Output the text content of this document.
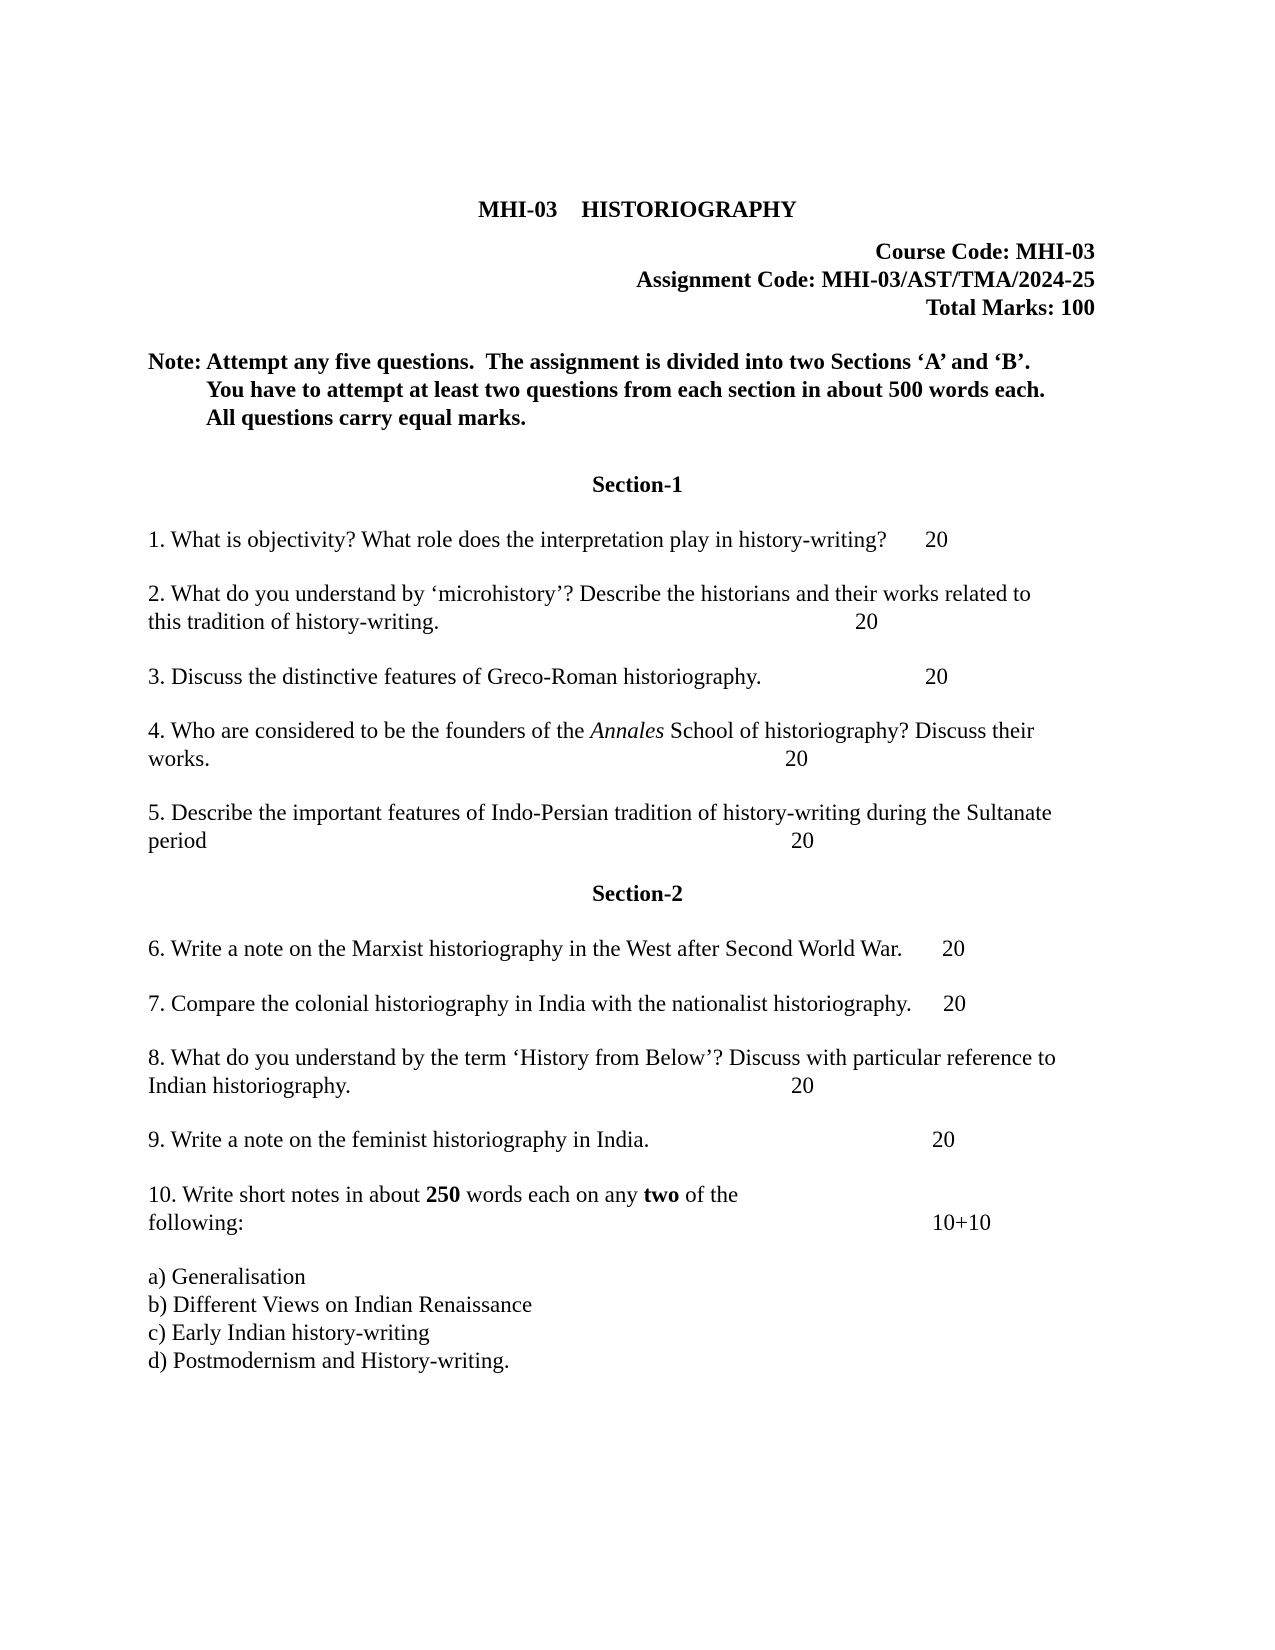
MHI-03 HISTORIOGRAPHY
Course Code: MHI-03
Assignment Code: MHI-03/AST/TMA/2024-25
Total Marks: 100
Note: Attempt any five questions.  The assignment is divided into two Sections ‘A’ and ‘B’.
You have to attempt at least two questions from each section in about 500 words each.
All questions carry equal marks.
Section-1
1. What is objectivity? What role does the interpretation play in history-writing? 20
2. What do you understand by ‘microhistory’? Describe the historians and their works related to
this tradition of history-writing.	20
3. Discuss the distinctive features of Greco-Roman historiography.	20
4. Who are considered to be the founders of the Annales School of historiography? Discuss their
works.	20
5. Describe the important features of Indo-Persian tradition of history-writing during the Sultanate
period	20
Section-2
6. Write a note on the Marxist historiography in the West after Second World War. 20
7. Compare the colonial historiography in India with the nationalist historiography. 20
8. What do you understand by the term ‘History from Below’? Discuss with particular reference to
Indian historiography.	20
9. Write a note on the feminist historiography in India.	20
10. Write short notes in about 250 words each on any two of the
following:	10+10
a) Generalisation
b) Different Views on Indian Renaissance
c) Early Indian history-writing
d) Postmodernism and History-writing.
